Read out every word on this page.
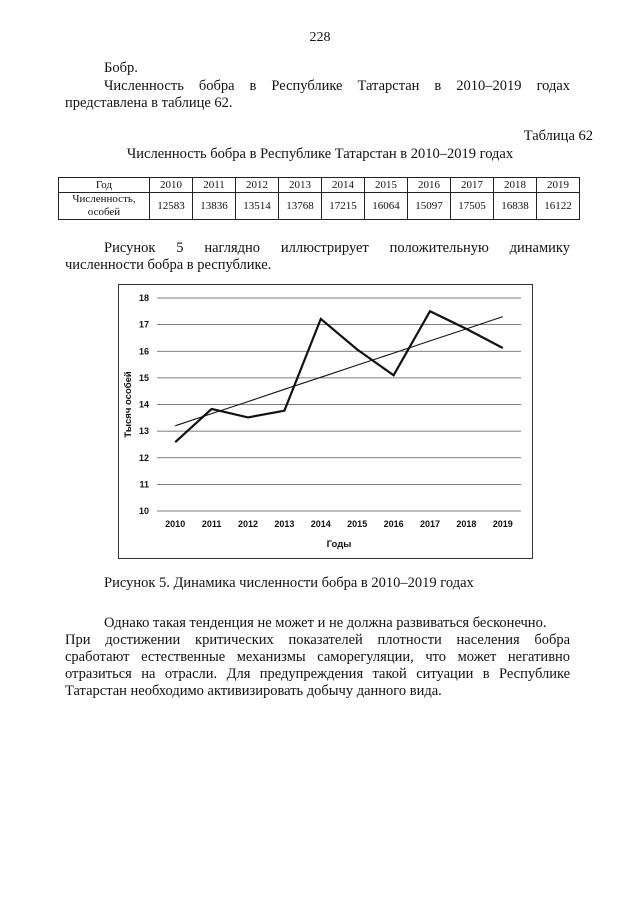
228
Бобр.
Численность бобра в Республике Татарстан в 2010–2019 годах
представлена в таблице 62.
Таблица 62
Численность бобра в Республике Татарстан в 2010–2019 годах
Год	2010	2011	2012	2013	2014	2015	2016	2017	2018	2019
Численность, особей	12583	13836	13514	13768	17215	16064	15097	17505	16838	16122
Рисунок 5 наглядно иллюстрирует положительную динамику
численности бобра в республике.
10
11
12
13
14
15
16
17
18
2010 2011 2012 2013 2014 2015 2016 2017 2018 2019
Тысяч особей
Годы
Рисунок 5. Динамика численности бобра в 2010–2019 годах
Однако такая тенденция не может и не должна развиваться бесконечно.
При достижении критических показателей плотности населения бобра
сработают естественные механизмы саморегуляции, что может негативно
отразиться на отрасли. Для предупреждения такой ситуации в Республике
Татарстан необходимо активизировать добычу данного вида.
